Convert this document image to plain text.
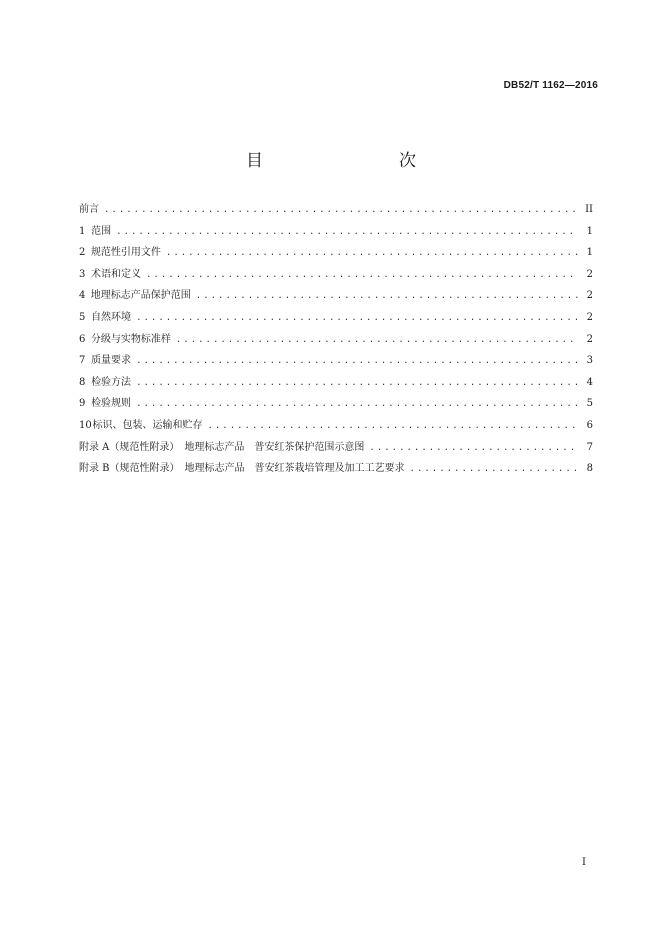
DB52/T 1162—2016
目　　次
前言 .....	II
1 范围 .....	1
2 规范性引用文件 .....	1
3 术语和定义 .....	2
4 地理标志产品保护范围 .....	2
5 自然环境 .....	2
6 分级与实物标准样 .....	2
7 质量要求 .....	3
8 检验方法 .....	4
9 检验规则 .....	5
10 标识、包装、运输和贮存 .....	6
附录 A（规范性附录）　地理标志产品　普安红茶保护范围示意图 .....	7
附录 B（规范性附录）　地理标志产品　普安红茶栽培管理及加工工艺要求 .....	8
I
